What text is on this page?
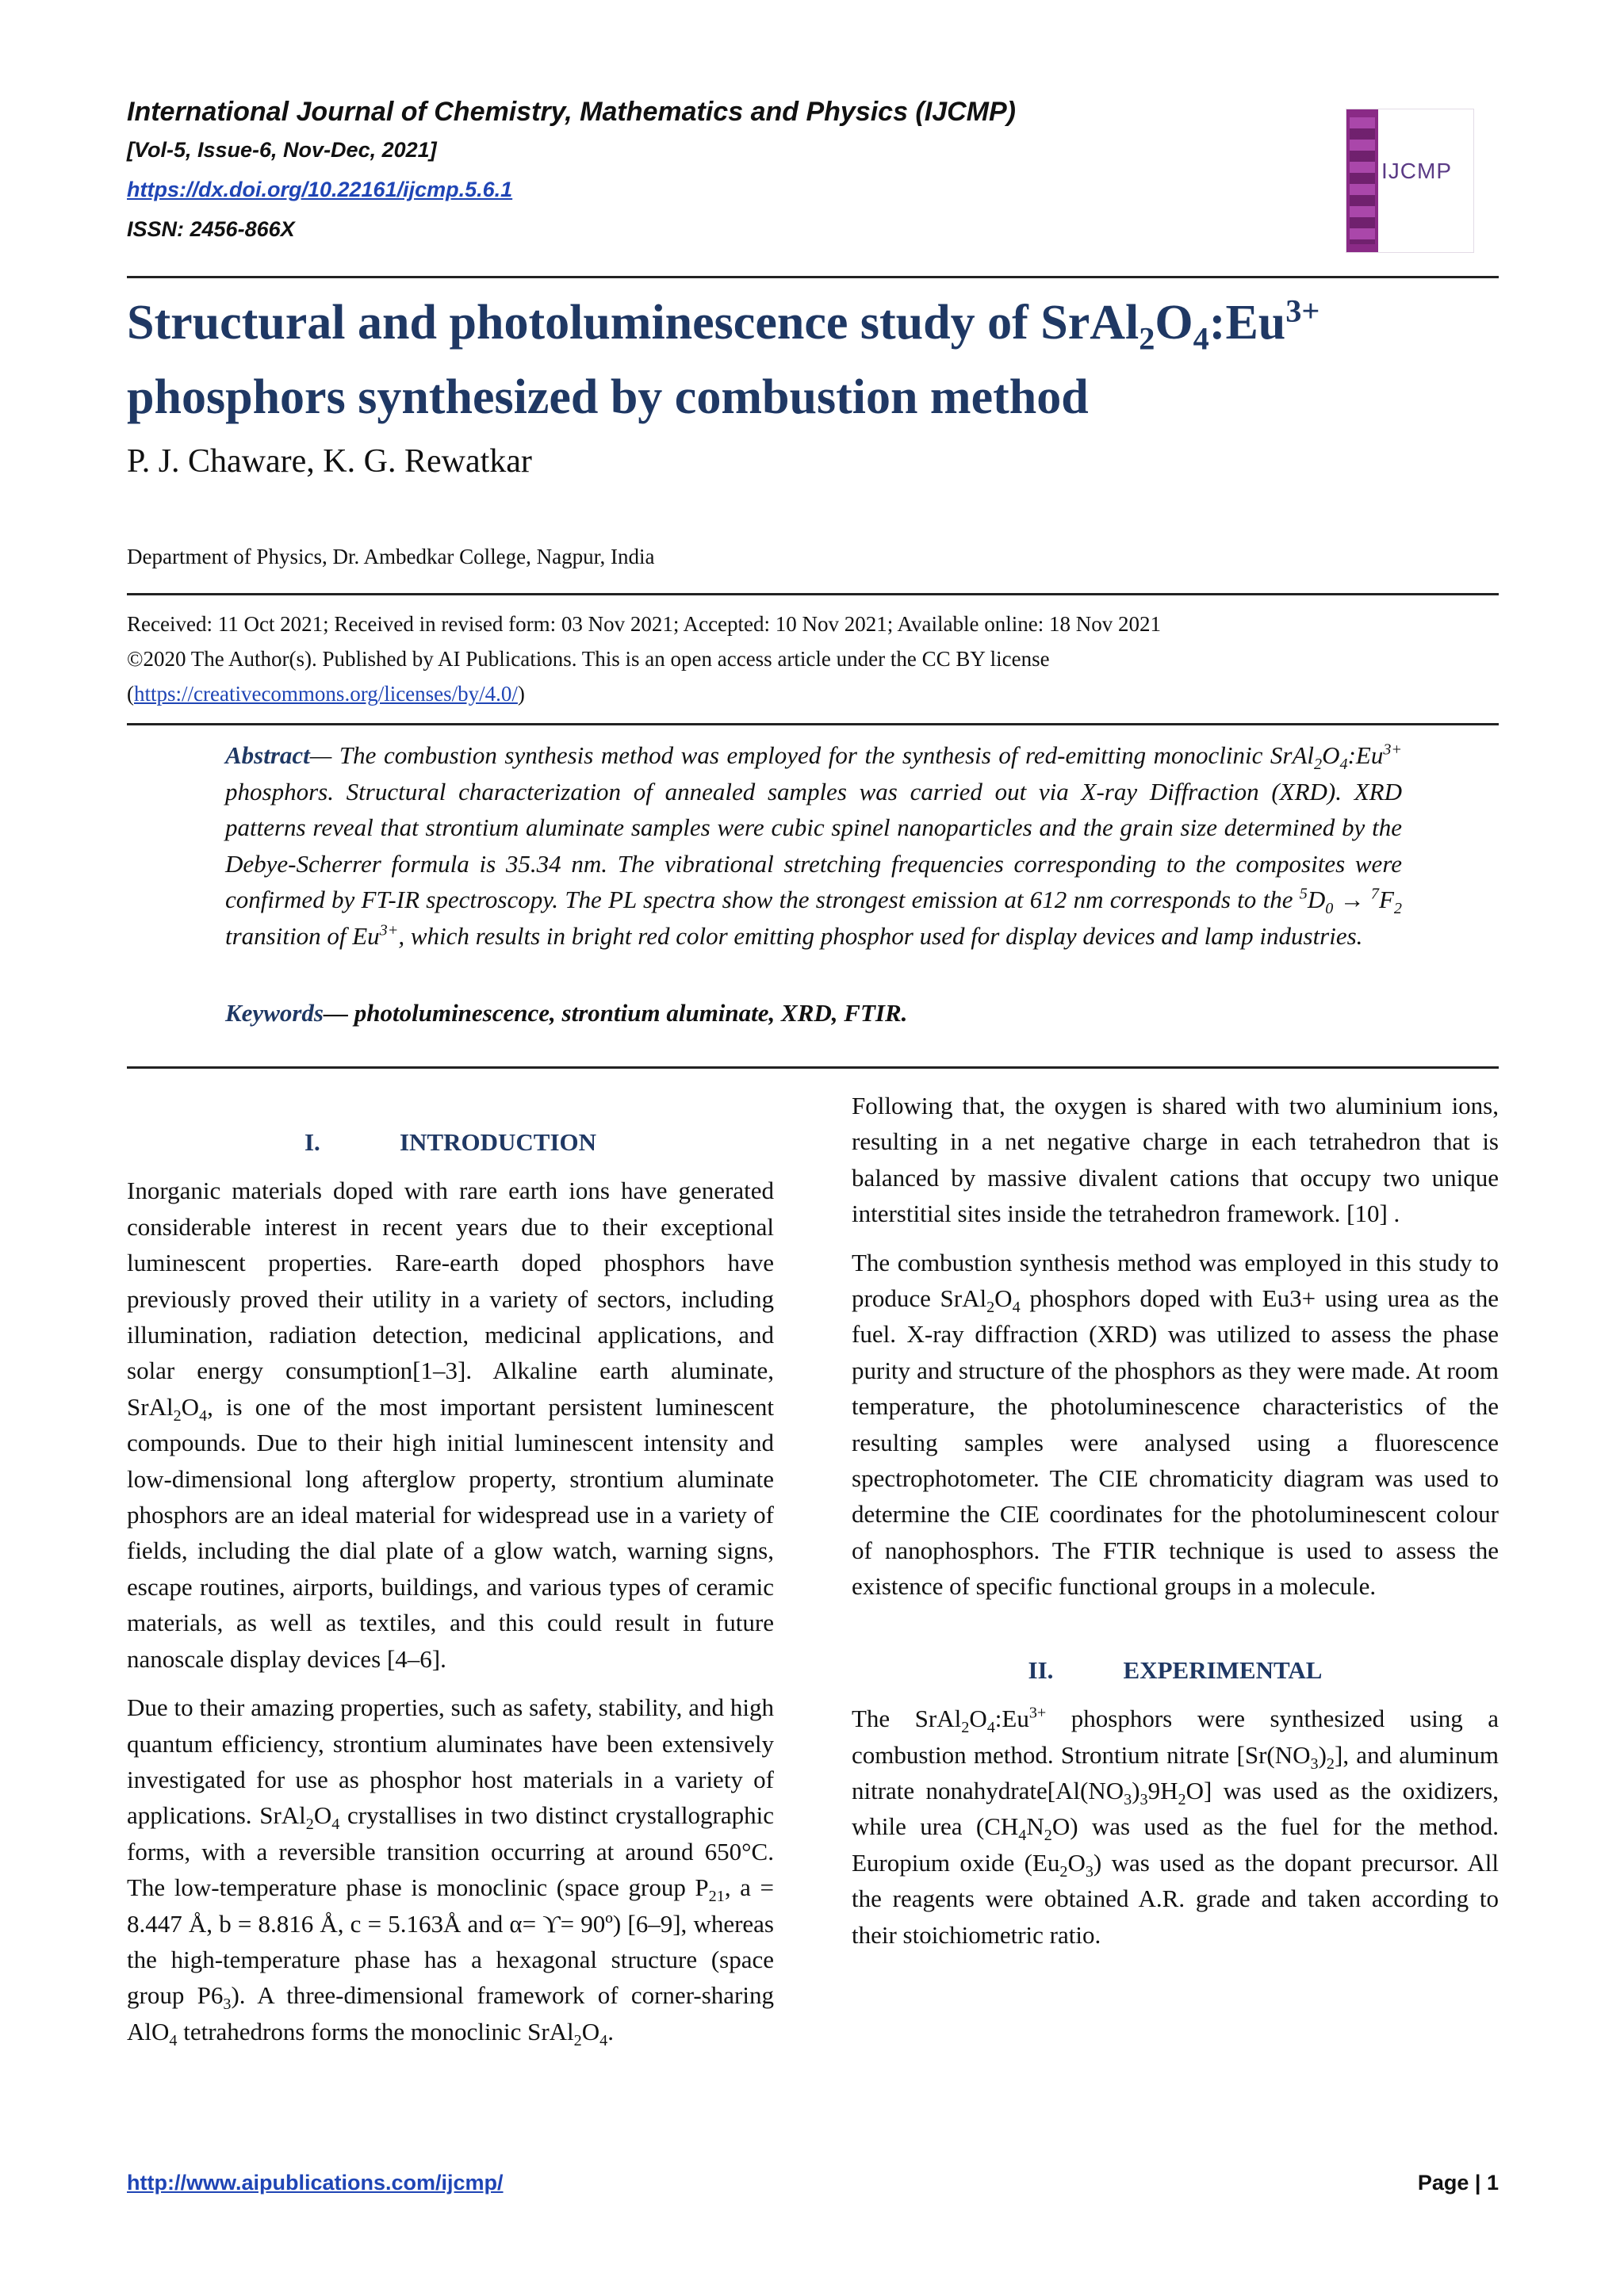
International Journal of Chemistry, Mathematics and Physics (IJCMP)
[Vol-5, Issue-6, Nov-Dec, 2021]
https://dx.doi.org/10.22161/ijcmp.5.6.1
ISSN: 2456-866X
IJCMP
Structural and photoluminescence study of $SrAl_2O_4:Eu^{3+}$
phosphors synthesized by combustion method
P. J. Chaware, K. G. Rewatkar
Department of Physics, Dr. Ambedkar College, Nagpur, India
Received: 11 Oct 2021; Received in revised form: 03 Nov 2021; Accepted: 10 Nov 2021; Available online: 18 Nov 2021
©2020 The Author(s). Published by AI Publications. This is an open access article under the CC BY license
(https://creativecommons.org/licenses/by/4.0/)
Abstract— The combustion synthesis method was employed for the synthesis of red-emitting monoclinic $SrAl_2O_4:Eu^{3+}$ phosphors. Structural characterization of annealed samples was carried out via X-ray Diffraction (XRD). XRD patterns reveal that strontium aluminate samples were cubic spinel nanoparticles and the grain size determined by the Debye-Scherrer formula is 35.34 nm. The vibrational stretching frequencies corresponding to the composites were confirmed by FT-IR spectroscopy. The PL spectra show the strongest emission at 612 nm corresponds to the $^5D_0 \to ^7F_2$ transition of $Eu^{3+}$, which results in bright red color emitting phosphor used for display devices and lamp industries.
Keywords— photoluminescence, strontium aluminate, XRD, FTIR.
I.	INTRODUCTION

Inorganic materials doped with rare earth ions have generated considerable interest in recent years due to their exceptional luminescent properties. Rare-earth doped phosphors have previously proved their utility in a variety of sectors, including illumination, radiation detection, medicinal applications, and solar energy consumption[1–3]. Alkaline earth aluminate, $SrAl_2O_4$, is one of the most important persistent luminescent compounds. Due to their high initial luminescent intensity and low-dimensional long afterglow property, strontium aluminate phosphors are an ideal material for widespread use in a variety of fields, including the dial plate of a glow watch, warning signs, escape routines, airports, buildings, and various types of ceramic materials, as well as textiles, and this could result in future nanoscale display devices [4–6].

Due to their amazing properties, such as safety, stability, and high quantum efficiency, strontium aluminates have been extensively investigated for use as phosphor host materials in a variety of applications. $SrAl_2O_4$ crystallises in two distinct crystallographic forms, with a reversible transition occurring at around 650°C. The low-temperature phase is monoclinic (space group $P_{21}$, a = 8.447 Å, b = 8.816 Å, c = 5.163Å and α= ϒ= 90º) [6–9], whereas the high-temperature phase has a hexagonal structure (space group $P6_3$). A three-dimensional framework of corner-sharing AlO$_4$ tetrahedrons forms the monoclinic $SrAl_2O_4$.

Following that, the oxygen is shared with two aluminium ions, resulting in a net negative charge in each tetrahedron that is balanced by massive divalent cations that occupy two unique interstitial sites inside the tetrahedron framework. [10] .

The combustion synthesis method was employed in this study to produce $SrAl_2O_4$ phosphors doped with Eu3+ using urea as the fuel. X-ray diffraction (XRD) was utilized to assess the phase purity and structure of the phosphors as they were made. At room temperature, the photoluminescence characteristics of the resulting samples were analysed using a fluorescence spectrophotometer. The CIE chromaticity diagram was used to determine the CIE coordinates for the photoluminescent colour of nanophosphors. The FTIR technique is used to assess the existence of specific functional groups in a molecule.

II.	EXPERIMENTAL

The $SrAl_2O_4:Eu^{3+}$ phosphors were synthesized using a combustion method. Strontium nitrate $[Sr(NO_3)_2]$, and aluminum nitrate $nonahydrate[Al(NO_3)_39H_2O]$ was used as the oxidizers, while urea $(CH_4N_2O)$ was used as the fuel for the method. Europium oxide $(Eu_2O_3)$ was used as the dopant precursor. All the reagents were obtained A.R. grade and taken according to their stoichiometric ratio.

http://www.aipublications.com/ijcmp/	Page | 1
